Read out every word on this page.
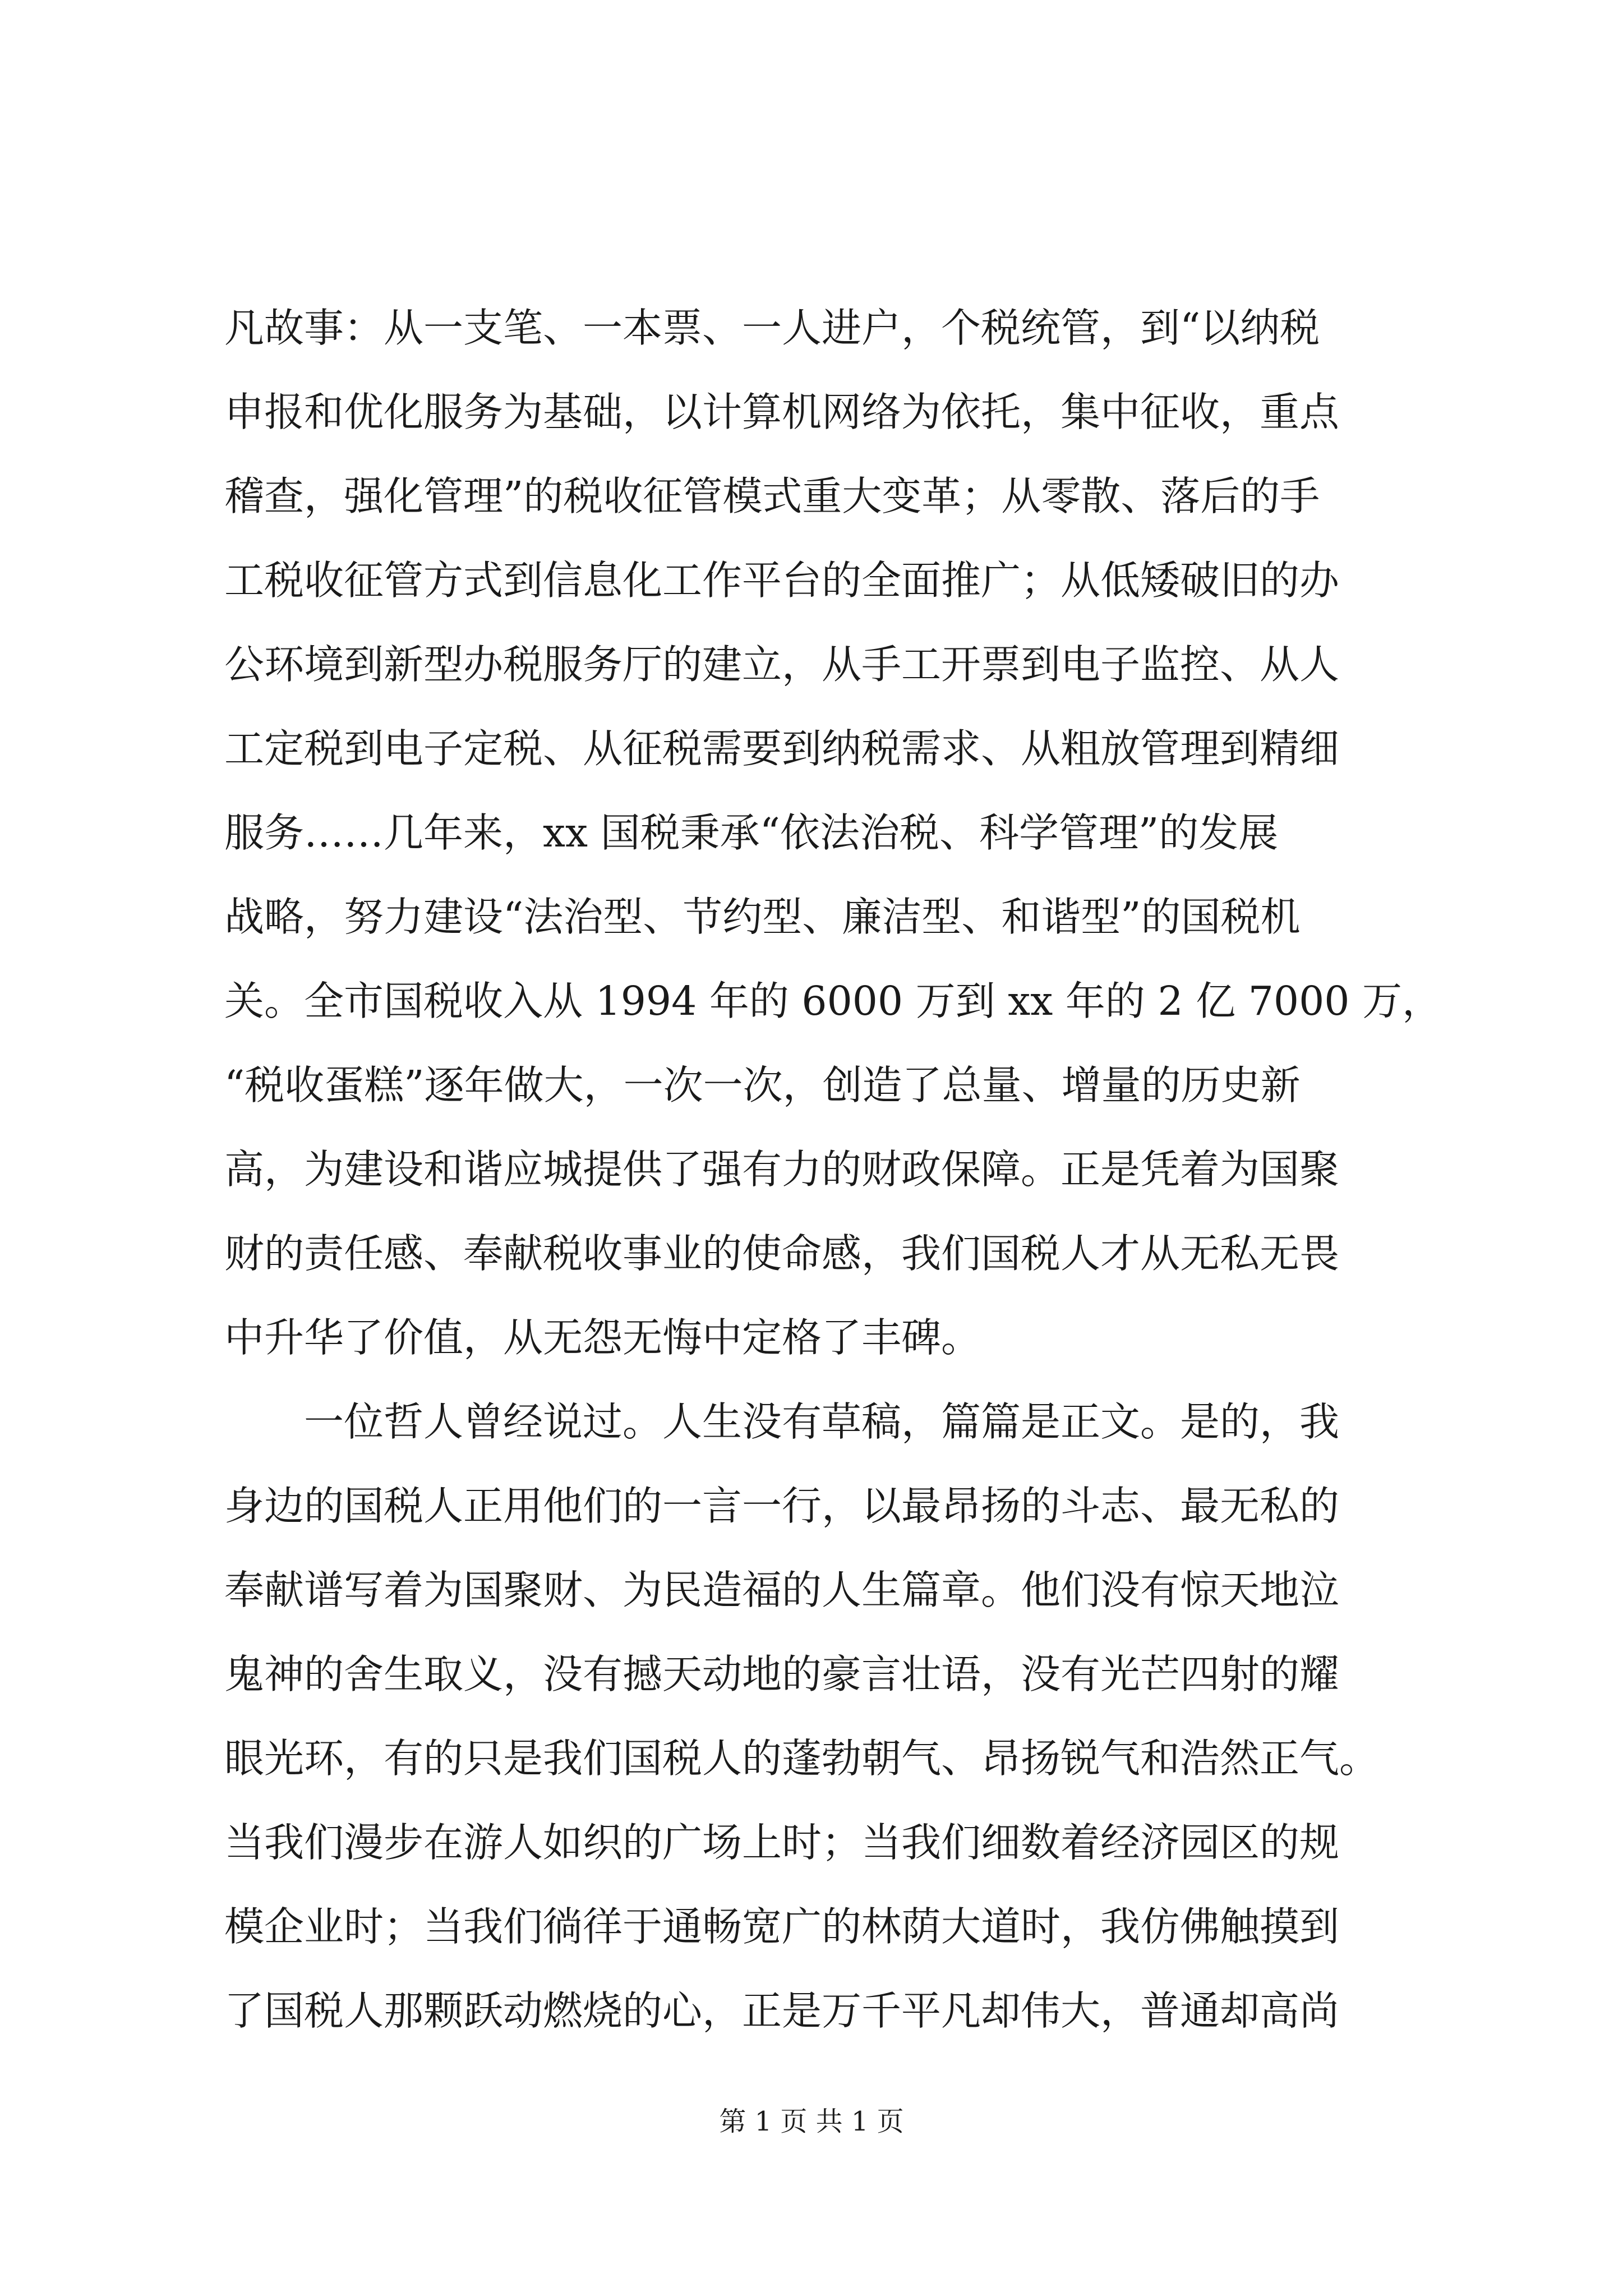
凡故事：从一支笔、一本票、一人进户，个税统管，到“以纳税
申报和优化服务为基础，以计算机网络为依托，集中征收，重点
稽查，强化管理”的税收征管模式重大变革；从零散、落后的手
工税收征管方式到信息化工作平台的全面推广；从低矮破旧的办
公环境到新型办税服务厅的建立，从手工开票到电子监控、从人
工定税到电子定税、从征税需要到纳税需求、从粗放管理到精细
服务……几年来，xx 国税秉承“依法治税、科学管理”的发展
战略，努力建设“法治型、节约型、廉洁型、和谐型”的国税机
关。全市国税收入从 1994 年的 6000 万到 xx 年的 2 亿 7000 万，
“税收蛋糕”逐年做大，一次一次，创造了总量、增量的历史新
高，为建设和谐应城提供了强有力的财政保障。正是凭着为国聚
财的责任感、奉献税收事业的使命感，我们国税人才从无私无畏
中升华了价值，从无怨无悔中定格了丰碑。
一位哲人曾经说过。人生没有草稿，篇篇是正文。是的，我
身边的国税人正用他们的一言一行，以最昂扬的斗志、最无私的
奉献谱写着为国聚财、为民造福的人生篇章。他们没有惊天地泣
鬼神的舍生取义，没有撼天动地的豪言壮语，没有光芒四射的耀
眼光环，有的只是我们国税人的蓬勃朝气、昂扬锐气和浩然正气。
当我们漫步在游人如织的广场上时；当我们细数着经济园区的规
模企业时；当我们徜徉于通畅宽广的林荫大道时，我仿佛触摸到
了国税人那颗跃动燃烧的心，正是万千平凡却伟大，普通却高尚
第 1 页 共 1 页
